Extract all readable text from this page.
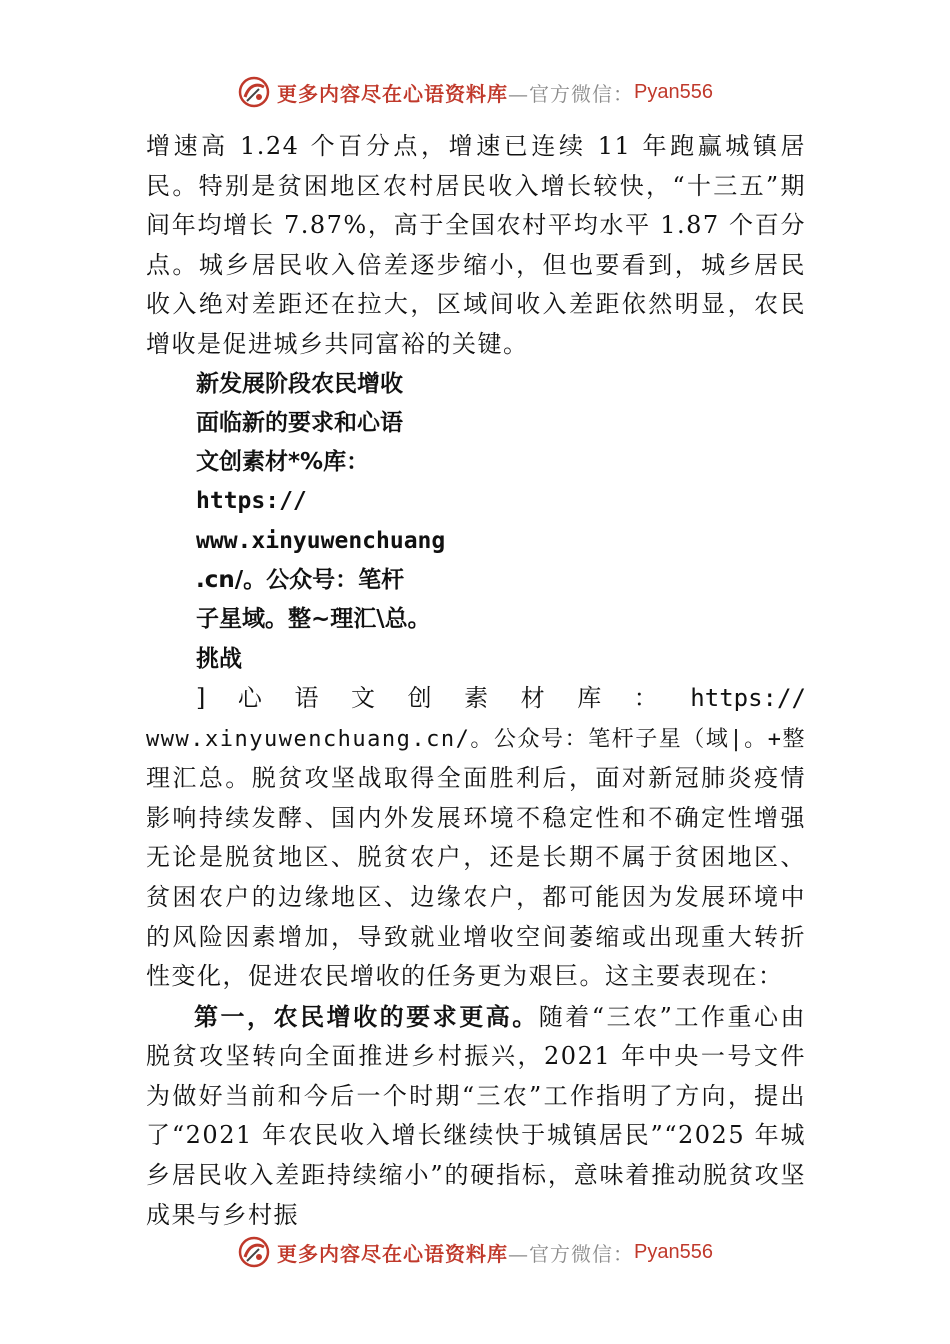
更多内容尽在心语资料库 —官方微信： Pyan556
增速高 1.24 个百分点，增速已连续 11 年跑赢城镇居民。特别是贫困地区农村居民收入增长较快，“十三五”期间年均增长 7.87%，高于全国农村平均水平 1.87 个百分点。城乡居民收入倍差逐步缩小，但也要看到，城乡居民收入绝对差距还在拉大，区域间收入差距依然明显，农民增收是促进城乡共同富裕的关键。
新发展阶段农民增收
面临新的要求和心语
文创素材*%库：
https://
www.xinyuwenchuang
.cn/。公众号：笔杆
子星域。整~理汇\总。
挑战
] 心 语 文 创 素 材 库 ： https://
www.xinyuwenchuang.cn/。公众号：笔杆子星（域|。+整理汇总。脱贫攻坚战取得全面胜利后，面对新冠肺炎疫情影响持续发酵、国内外发展环境不稳定性和不确定性增强无论是脱贫地区、脱贫农户，还是长期不属于贫困地区、贫困农户的边缘地区、边缘农户，都可能因为发展环境中的风险因素增加，导致就业增收空间萎缩或出现重大转折性变化，促进农民增收的任务更为艰巨。这主要表现在：
第一，农民增收的要求更高。随着“三农”工作重心由脱贫攻坚转向全面推进乡村振兴，2021 年中央一号文件为做好当前和今后一个时期“三农”工作指明了方向，提出了“2021 年农民收入增长继续快于城镇居民”“2025 年城乡居民收入差距持续缩小”的硬指标，意味着推动脱贫攻坚成果与乡村振
更多内容尽在心语资料库 —官方微信： Pyan556
